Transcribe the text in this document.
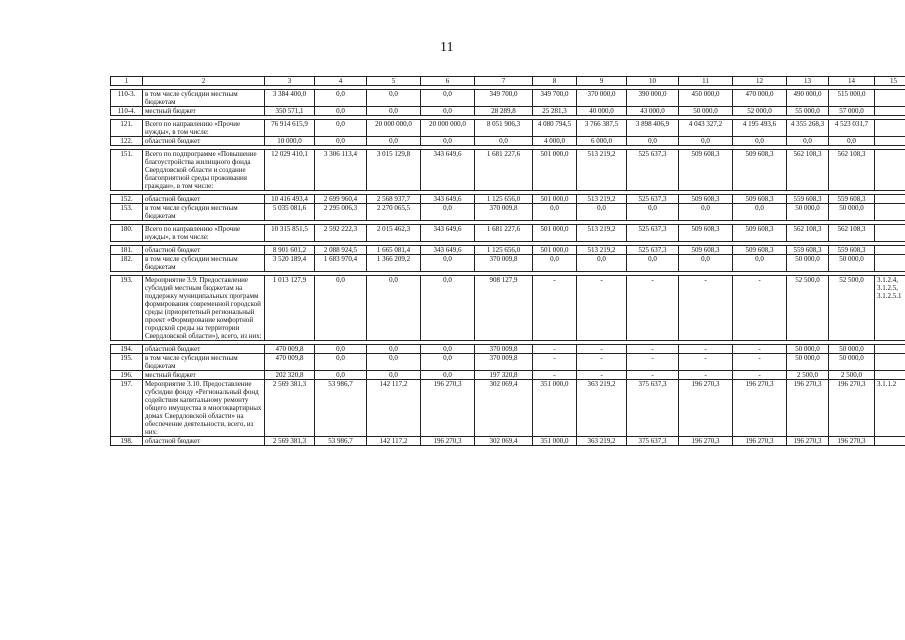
11
1	2	3	4	5	6	7	8	9	10	11	12	13	14	15

110-3.	в том числе субсидии местным бюджетам	3 384 400,0	0,0	0,0	0,0	349 700,0	349 700,0	370 000,0	390 000,0	450 000,0	470 000,0	490 000,0	515 000,0	
110-4.	местный бюджет	350 571,1	0,0	0,0	0,0	28 289,8	25 281,3	40 000,0	43 000,0	50 000,0	52 000,0	55 000,0	57 000,0	

121.	Всего по направлению «Прочие нужды», в том числе:	76 914 615,9	0,0	20 000 000,0	20 000 000,0	8 051 906,3	4 080 794,5	3 766 387,5	3 898 406,9	4 043 327,2	4 195 493,6	4 355 268,3	4 523 031,7	
122.	областной бюджет	10 000,0	0,0	0,0	0,0	0,0	4 000,0	6 000,0	0,0	0,0	0,0	0,0	0,0	

151.	Всего по подпрограмме «Повышение благоустройства жилищного фонда Свердловской области и создание благоприятной среды проживания граждан», в том числе:	12 029 410,1	3 306 113,4	3 015 129,8	343 649,6	1 681 227,6	501 000,0	513 219,2	525 637,3	509 608,3	509 608,3	562 108,3	562 108,3	

152.	областной бюджет	10 416 493,4	2 699 960,4	2 568 937,7	343 649,6	1 125 656,0	501 000,0	513 219,2	525 637,3	509 608,3	509 608,3	559 608,3	559 608,3	
153.	в том числе субсидии местным бюджетам	5 035 081,6	2 295 006,3	2 270 065,5	0,0	370 009,8	0,0	0,0	0,0	0,0	0,0	50 000,0	50 000,0	

180.	Всего по направлению «Прочие нужды», в том числе:	10 315 851,5	2 592 222,3	2 015 462,3	343 649,6	1 681 227,6	501 000,0	513 219,2	525 637,3	509 608,3	509 608,3	562 108,3	562 108,3	

181.	областной бюджет	8 901 601,2	2 088 924,5	1 665 081,4	343 649,6	1 125 656,0	501 000,0	513 219,2	525 637,3	509 608,3	509 608,3	559 608,3	559 608,3	
182.	в том числе субсидии местным бюджетам	3 520 189,4	1 683 970,4	1 366 209,2	0,0	370 009,8	0,0	0,0	0,0	0,0	0,0	50 000,0	50 000,0	

193.	Мероприятие 3.9. Предоставление субсидий местным бюджетам на поддержку муниципальных программ формирования современной городской среды (приоритетный региональный проект «Формирование комфортной городской среды на территории Свердловской области»), всего, из них:	1 013 127,9	0,0	0,0	0,0	908 127,9	-	-	-	-	-	52 500,0	52 500,0	3.1.2.4, 3.1.2.5, 3.1.2.5.1

194.	областной бюджет	470 009,8	0,0	0,0	0,0	370 009,8	-	-	-	-	-	50 000,0	50 000,0	
195.	в том числе субсидии местным бюджетам	470 009,8	0,0	0,0	0,0	370 009,8	-	-	-	-	-	50 000,0	50 000,0	
196.	местный бюджет	202 320,8	0,0	0,0	0,0	197 320,8	-	-	-	-	-	2 500,0	2 500,0	
197.	Мероприятие 3.10. Предоставление субсидии фонду «Региональный фонд содействия капитальному ремонту общего имущества в многоквартирных домах Свердловской области» на обеспечение деятельности, всего, из них:	2 569 381,3	53 986,7	142 117,2	196 270,3	302 069,4	351 000,0	363 219,2	375 637,3	196 270,3	196 270,3	196 270,3	196 270,3	3.1.1.2
198.	областной бюджет	2 569 381,3	53 986,7	142 117,2	196 270,3	302 069,4	351 000,0	363 219,2	375 637,3	196 270,3	196 270,3	196 270,3	196 270,3	
